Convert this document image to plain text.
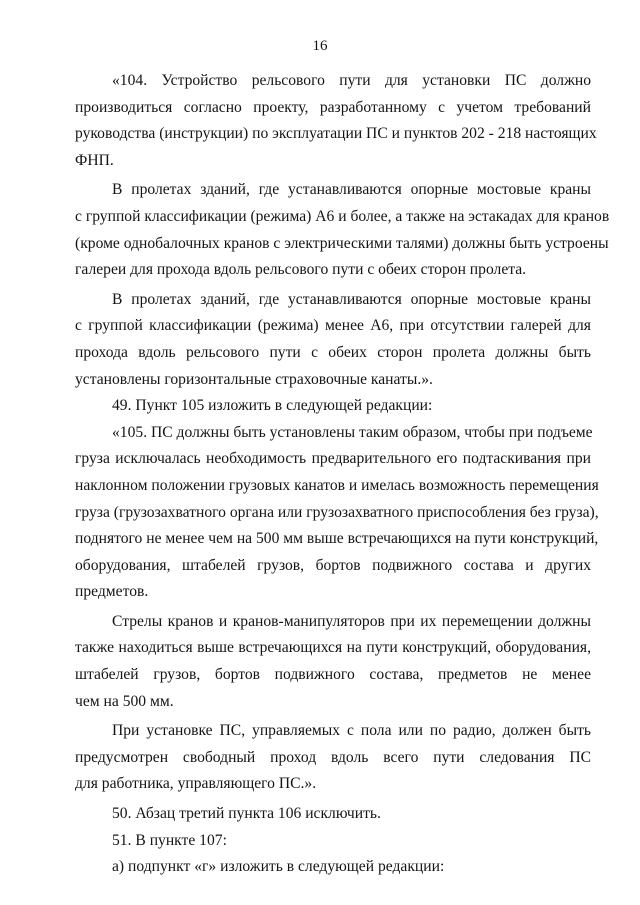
16

«104. Устройство рельсового пути для установки ПС должно
производиться согласно проекту, разработанному с учетом требований
руководства (инструкции) по эксплуатации ПС и пунктов 202 - 218 настоящих
ФНП.

В пролетах зданий, где устанавливаются опорные мостовые краны
с группой классификации (режима) А6 и более, а также на эстакадах для кранов
(кроме однобалочных кранов с электрическими талями) должны быть устроены
галереи для прохода вдоль рельсового пути с обеих сторон пролета.

В пролетах зданий, где устанавливаются опорные мостовые краны
с группой классификации (режима) менее А6, при отсутствии галерей для
прохода вдоль рельсового пути с обеих сторон пролета должны быть
установлены горизонтальные страховочные канаты.».

49. Пункт 105 изложить в следующей редакции:

«105. ПС должны быть установлены таким образом, чтобы при подъеме
груза исключалась необходимость предварительного его подтаскивания при
наклонном положении грузовых канатов и имелась возможность перемещения
груза (грузозахватного органа или грузозахватного приспособления без груза),
поднятого не менее чем на 500 мм выше встречающихся на пути конструкций,
оборудования, штабелей грузов, бортов подвижного состава и других
предметов.

Стрелы кранов и кранов-манипуляторов при их перемещении должны
также находиться выше встречающихся на пути конструкций, оборудования,
штабелей грузов, бортов подвижного состава, предметов не менее
чем на 500 мм.

При установке ПС, управляемых с пола или по радио, должен быть
предусмотрен свободный проход вдоль всего пути следования ПС
для работника, управляющего ПС.».

50. Абзац третий пункта 106 исключить.

51. В пункте 107:

а) подпункт «г» изложить в следующей редакции:
